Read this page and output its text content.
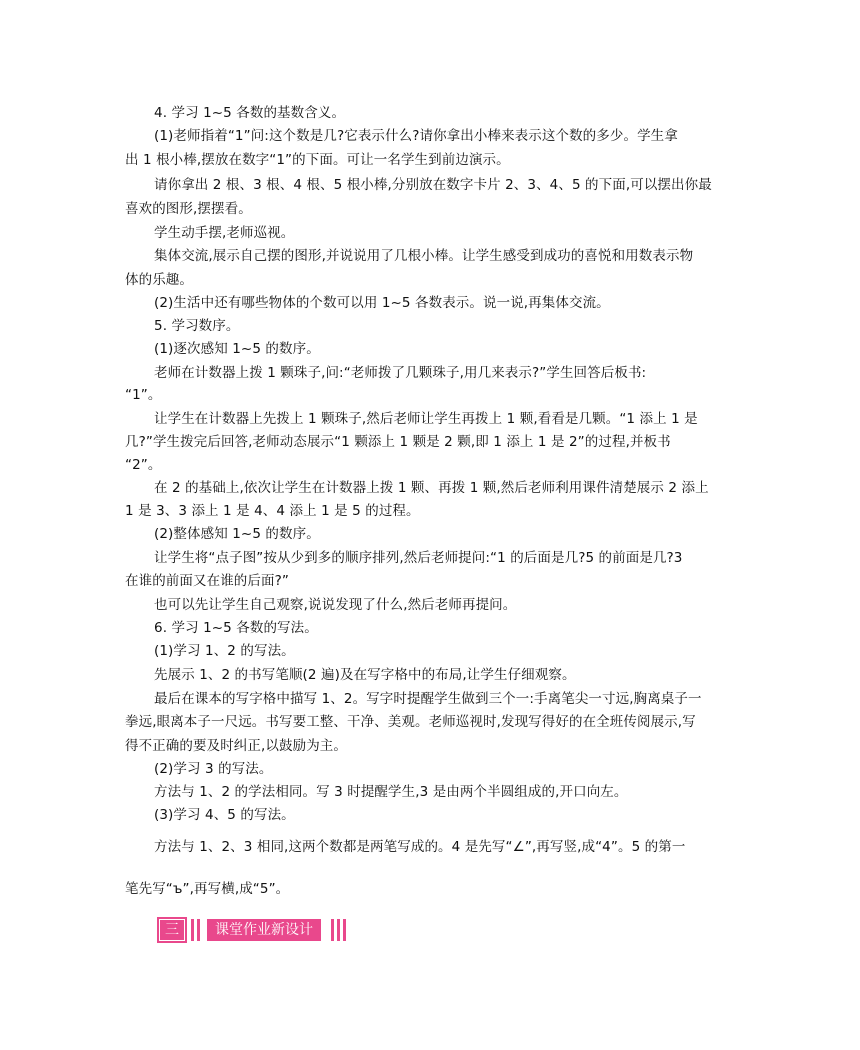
4. 学习 1~5 各数的基数含义。
(1)老师指着“1”问:这个数是几?它表示什么?请你拿出小棒来表示这个数的多少。学生拿
出 1 根小棒,摆放在数字“1”的下面。可让一名学生到前边演示。
请你拿出 2 根、3 根、4 根、5 根小棒,分别放在数字卡片 2、3、4、5 的下面,可以摆出你最
喜欢的图形,摆摆看。
学生动手摆,老师巡视。
集体交流,展示自己摆的图形,并说说用了几根小棒。让学生感受到成功的喜悦和用数表示物
体的乐趣。
(2)生活中还有哪些物体的个数可以用 1~5 各数表示。说一说,再集体交流。
5. 学习数序。
(1)逐次感知 1~5 的数序。
老师在计数器上拨 1 颗珠子,问:“老师拨了几颗珠子,用几来表示?”学生回答后板书:
“1”。
让学生在计数器上先拨上 1 颗珠子,然后老师让学生再拨上 1 颗,看看是几颗。“1 添上 1 是
几?”学生拨完后回答,老师动态展示“1 颗添上 1 颗是 2 颗,即 1 添上 1 是 2”的过程,并板书
“2”。
在 2 的基础上,依次让学生在计数器上拨 1 颗、再拨 1 颗,然后老师利用课件清楚展示 2 添上
1 是 3、3 添上 1 是 4、4 添上 1 是 5 的过程。
(2)整体感知 1~5 的数序。
让学生将“点子图”按从少到多的顺序排列,然后老师提问:“1 的后面是几?5 的前面是几?3
在谁的前面又在谁的后面?”
也可以先让学生自己观察,说说发现了什么,然后老师再提问。
6. 学习 1~5 各数的写法。
(1)学习 1、2 的写法。
先展示 1、2 的书写笔顺(2 遍)及在写字格中的布局,让学生仔细观察。
最后在课本的写字格中描写 1、2。写字时提醒学生做到三个一:手离笔尖一寸远,胸离桌子一
拳远,眼离本子一尺远。书写要工整、干净、美观。老师巡视时,发现写得好的在全班传阅展示,写
得不正确的要及时纠正,以鼓励为主。
(2)学习 3 的写法。
方法与 1、2 的学法相同。写 3 时提醒学生,3 是由两个半圆组成的,开口向左。
(3)学习 4、5 的写法。
方法与 1、2、3 相同,这两个数都是两笔写成的。4 是先写“∠”,再写竖,成“4”。5 的第一
笔先写“ъ”,再写横,成“5”。
三	课堂作业新设计
